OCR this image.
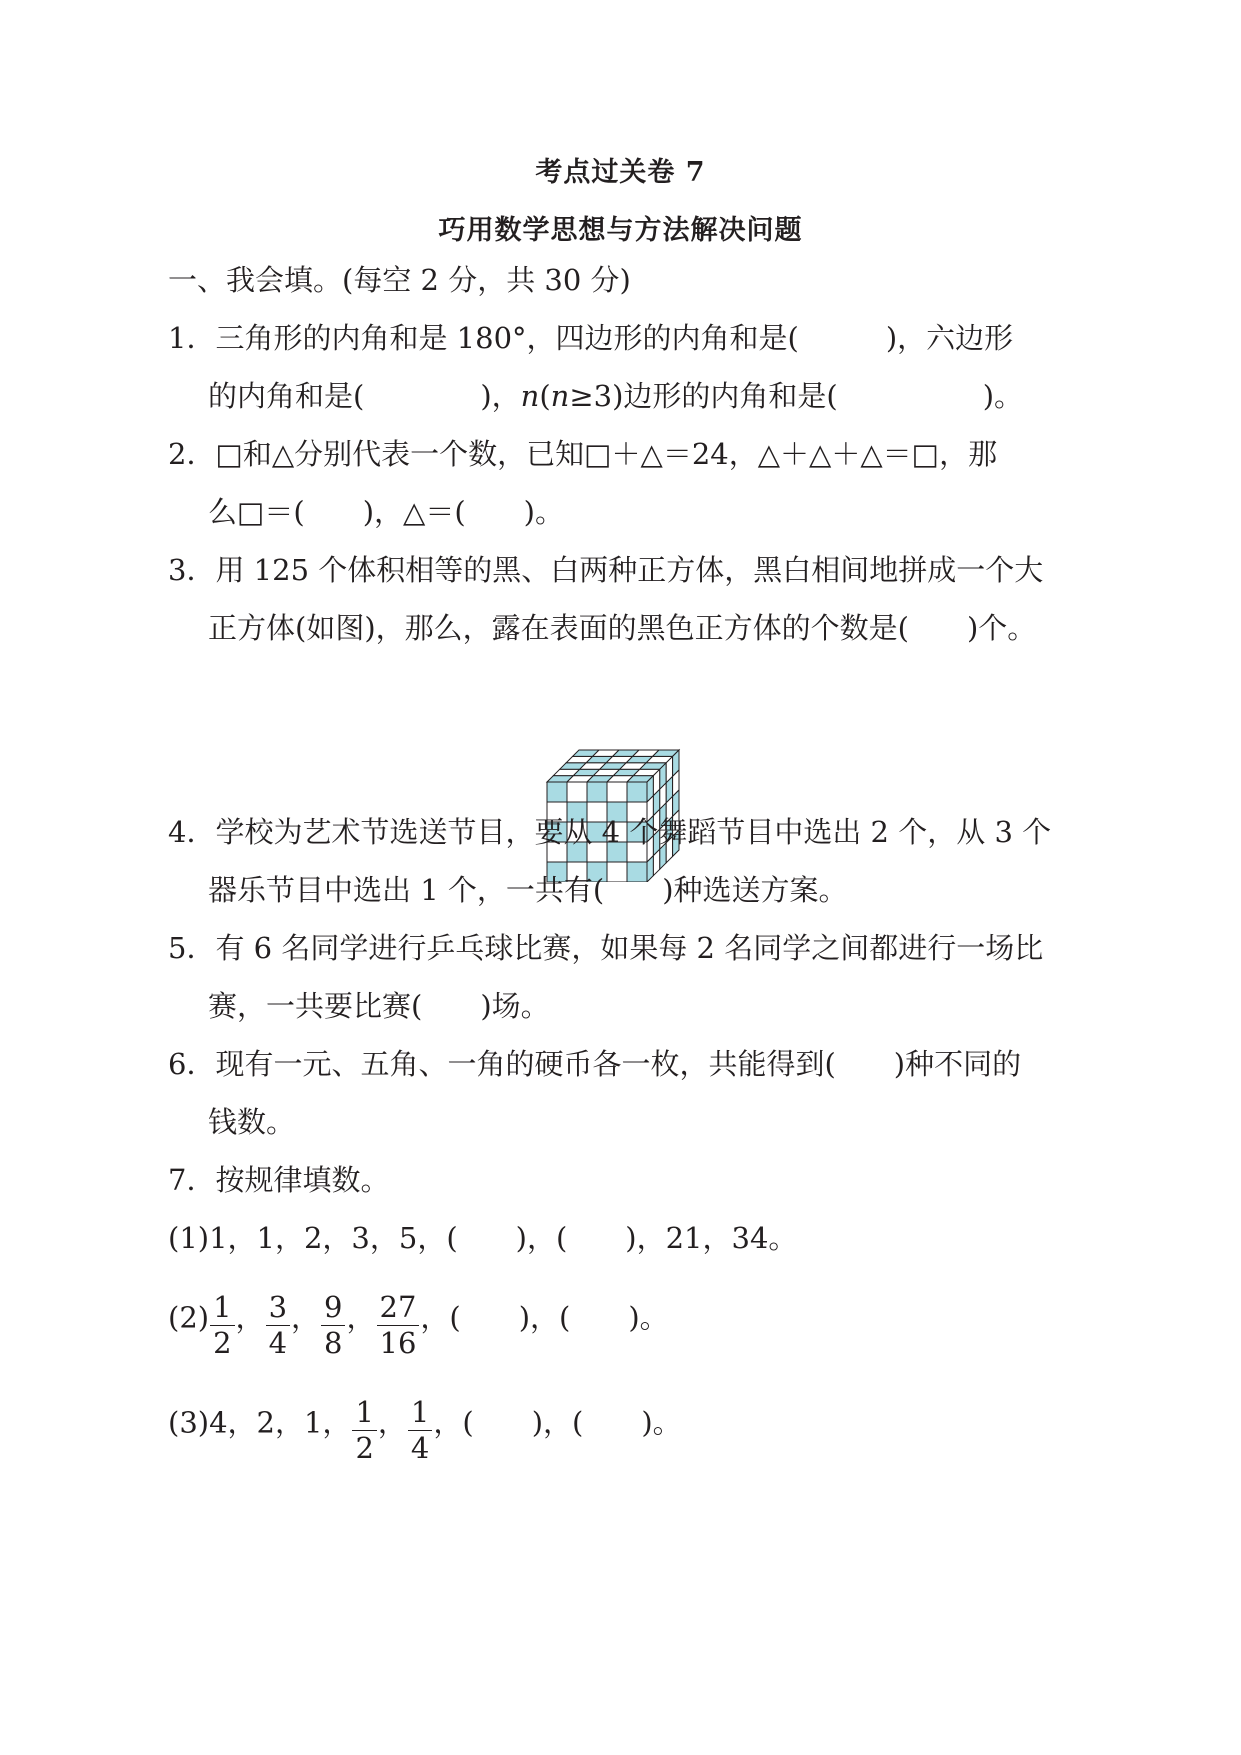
考点过关卷 7
巧用数学思想与方法解决问题
一、我会填。(每空 2 分，共 30 分)
1．三角形的内角和是 180°，四边形的内角和是(　　　)，六边形
的内角和是(　　　　)，n(n≥3)边形的内角和是(　　　　　)。
2．□和△分别代表一个数，已知□＋△＝24，△＋△＋△＝□，那
么□＝(　　)，△＝(　　)。
3．用 125 个体积相等的黑、白两种正方体，黑白相间地拼成一个大
正方体(如图)，那么，露在表面的黑色正方体的个数是(　　)个。
4．学校为艺术节选送节目，要从 4 个舞蹈节目中选出 2 个，从 3 个
器乐节目中选出 1 个，一共有(　　)种选送方案。
5．有 6 名同学进行乒乓球比赛，如果每 2 名同学之间都进行一场比
赛，一共要比赛(　　)场。
6．现有一元、五角、一角的硬币各一枚，共能得到(　　)种不同的
钱数。
7．按规律填数。
(1)1，1，2，3，5，(　　)，(　　)，21，34。
$(2) \frac{1}{2}$ ， $\frac{3}{4}$ ， $\frac{9}{8}$ ， $\frac{27}{16}$ ，(　　)，(　　)。
(3)4，2，1， $\frac{1}{2}$ ， $\frac{1}{4}$ ，(　　)，(　　)。
